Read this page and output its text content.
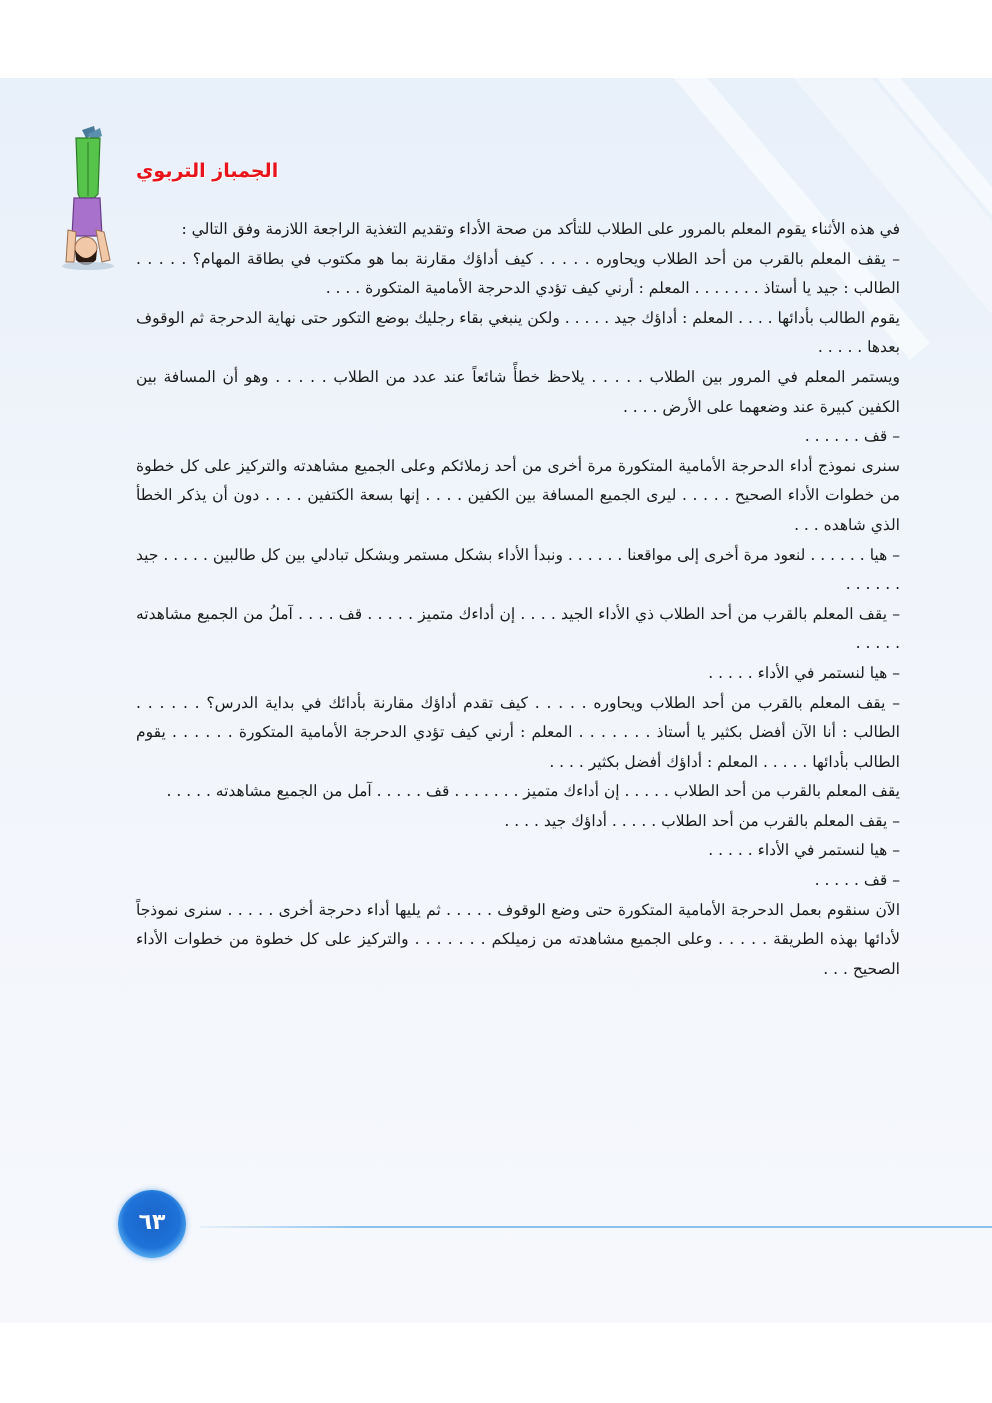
الجمباز التربوي

في هذه الأثناء يقوم المعلم بالمرور على الطلاب للتأكد من صحة الأداء وتقديم التغذية الراجعة اللازمة وفق التالي :

– يقف المعلم بالقرب من أحد الطلاب ويحاوره . . . . . كيف أداؤك مقارنة بما هو مكتوب في بطاقة المهام؟ . . . . . الطالب : جيد يا أستاذ . . . . . . . المعلم : أرني كيف تؤدي الدحرجة الأمامية المتكورة . . . .

يقوم الطالب بأدائها . . . . المعلم : أداؤك جيد . . . . . ولكن ينبغي بقاء رجليك بوضع التكور حتى نهاية الدحرجة ثم الوقوف بعدها . . . . .

ويستمر المعلم في المرور بين الطلاب . . . . . يلاحظ خطأً شائعاً عند عدد من الطلاب . . . . . وهو أن المسافة بين الكفين كبيرة عند وضعهما على الأرض . . . .

– قف . . . . . .

سنرى نموذج أداء الدحرجة الأمامية المتكورة مرة أخرى من أحد زملائكم وعلى الجميع مشاهدته والتركيز على كل خطوة من خطوات الأداء الصحيح . . . . . ليرى الجميع المسافة بين الكفين . . . . إنها بسعة الكتفين . . . . دون أن يذكر الخطأ الذي شاهده . . .

– هيا . . . . . . لنعود مرة أخرى إلى مواقعنا . . . . . . ونبدأ الأداء بشكل مستمر وبشكل تبادلي بين كل طالبين . . . . . جيد . . . . . .

– يقف المعلم بالقرب من أحد الطلاب ذي الأداء الجيد . . . . إن أداءك متميز . . . . . قف . . . . آملُ من الجميع مشاهدته . . . . .

– هيا لنستمر في الأداء . . . . .

– يقف المعلم بالقرب من أحد الطلاب ويحاوره . . . . . كيف تقدم أداؤك مقارنة بأدائك في بداية الدرس؟ . . . . . . الطالب : أنا الآن أفضل بكثير يا أستاذ . . . . . . . المعلم : أرني كيف تؤدي الدحرجة الأمامية المتكورة . . . . . . يقوم الطالب بأدائها . . . . . المعلم : أداؤك أفضل بكثير . . . .

يقف المعلم بالقرب من أحد الطلاب . . . . . إن أداءك متميز . . . . . . . قف . . . . . آمل من الجميع مشاهدته . . . . .

– يقف المعلم بالقرب من أحد الطلاب . . . . . أداؤك جيد . . . .

– هيا لنستمر في الأداء . . . . .

– قف . . . . .

الآن سنقوم بعمل الدحرجة الأمامية المتكورة حتى وضع الوقوف . . . . . ثم يليها أداء دحرجة أخرى . . . . . سنرى نموذجاً لأدائها بهذه الطريقة . . . . . وعلى الجميع مشاهدته من زميلكم . . . . . . . والتركيز على كل خطوة من خطوات الأداء الصحيح . . .

٦٣
